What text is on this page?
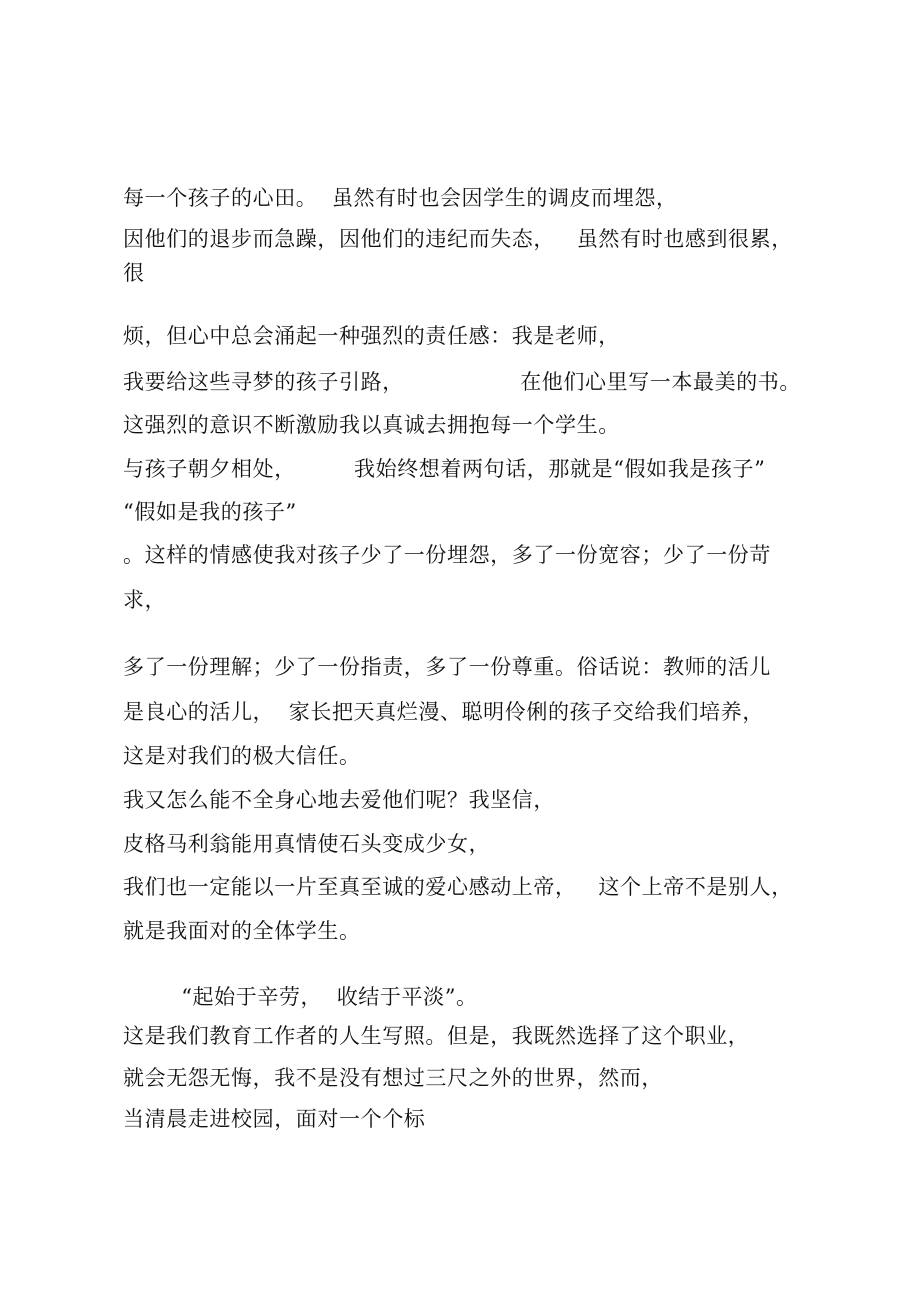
每一个孩子的心田。  虽然有时也会因学生的调皮而埋怨，
因他们的退步而急躁，因他们的违纪而失态，   虽然有时也感到很累，
很
烦，但心中总会涌起一种强烈的责任感：我是老师，
我要给这些寻梦的孩子引路，                在他们心里写一本最美的书。
这强烈的意识不断激励我以真诚去拥抱每一个学生。
与孩子朝夕相处，        我始终想着两句话，那就是“假如我是孩子”
“假如是我的孩子”
。这样的情感使我对孩子少了一份埋怨，多了一份宽容；少了一份苛
求，
多了一份理解；少了一份指责，多了一份尊重。俗话说：教师的活儿
是良心的活儿，  家长把天真烂漫、聪明伶俐的孩子交给我们培养，
这是对我们的极大信任。
我又怎么能不全身心地去爱他们呢？我坚信，
皮格马利翁能用真情使石头变成少女，
我们也一定能以一片至真至诚的爱心感动上帝，   这个上帝不是别人，
就是我面对的全体学生。
“起始于辛劳，  收结于平淡”。
这是我们教育工作者的人生写照。但是，我既然选择了这个职业，
就会无怨无悔，我不是没有想过三尺之外的世界，然而，
当清晨走进校园，面对一个个标
